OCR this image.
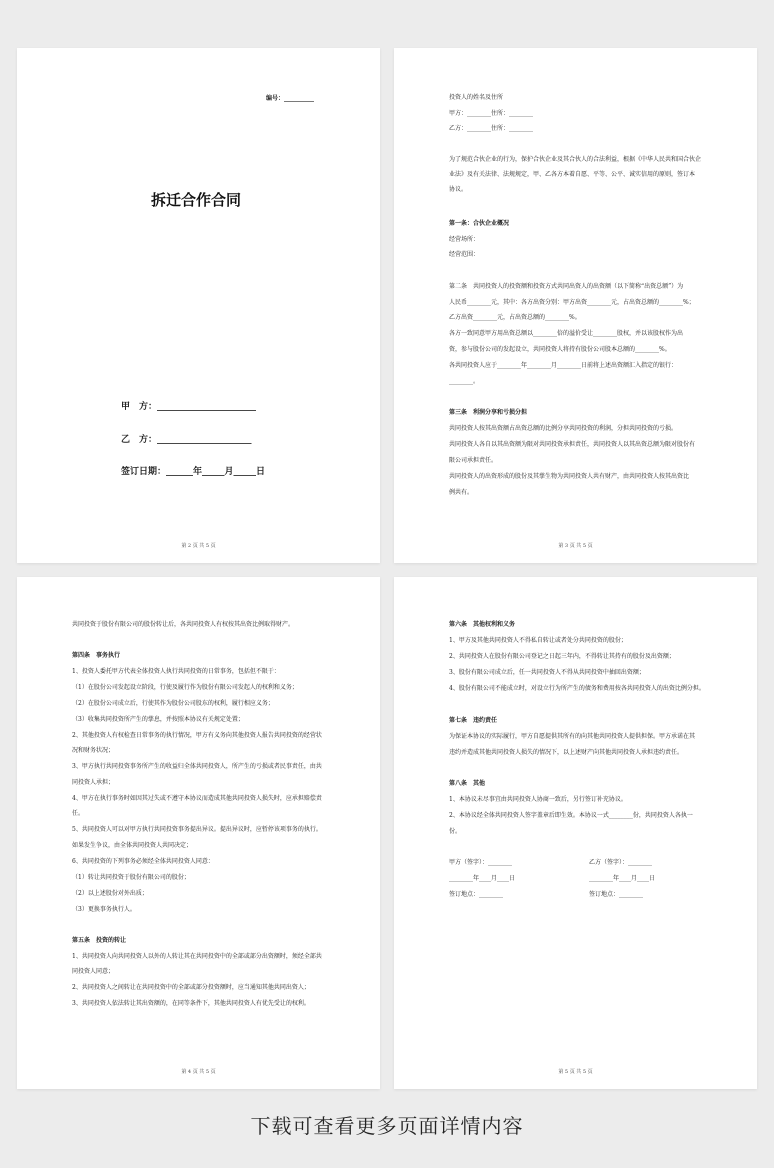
编号：__________
拆迁合作合同
甲　方：______________________
乙　方：_____________________
签订日期：______年_____月_____日
第 2 页 共 5 页
投资人的姓名及住所
甲方：________住所：________
乙方：________住所：________
为了规范合伙企业的行为，保护合伙企业及其合伙人的合法利益，根据《中华人民共和国合伙企
业法》及有关法律、法规规定，甲、乙各方本着自愿、平等、公平、诚实信用的原则，签订本
协议。
第一条：合伙企业概况
经营场所：
经营范围：
第二条　共同投资人的投资额和投资方式共同出资人的出资额（以下简称“出资总额”）为
人民币________元，其中：各方出资分别：甲方出资________元，占出资总额的________%；
乙方出资________元，占出资总额的________%。
各方一致同意甲方用出资总额以________倍的溢价受让________股权，并以该股权作为出
资，参与股份公司的发起设立，共同投资人将持有股份公司股本总额的________%。
各共同投资人应于________年________月________日前将上述出资额汇入指定的银行：
________。
第三条　利润分享和亏损分担
共同投资人按其出资额占出资总额的比例分享共同投资的利润，分担共同投资的亏损。
共同投资人各自以其出资额为限对共同投资承担责任，共同投资人以其出资总额为限对股份有
限公司承担责任。
共同投资人的出资形成的股份及其孳生物为共同投资人共有财产，由共同投资人按其出资比
例共有。
第 3 页 共 5 页
共同投资于股份有限公司的股份转让后，各共同投资人有权按其出资比例取得财产。
第四条　事务执行
1、投资人委托甲方代表全体投资人执行共同投资的日常事务，包括但不限于：
（1）在股份公司发起设立阶段，行使及履行作为股份有限公司发起人的权利和义务；
（2）在股份公司成立后，行使其作为股份公司股东的权利，履行相应义务；
（3）收集共同投资所产生的孳息，并按照本协议有关规定处置；
2、其他投资人有权检查日常事务的执行情况，甲方有义务向其他投资人报告共同投资的经营状
况和财务状况；
3、甲方执行共同投资事务所产生的收益归全体共同投资人，所产生的亏损或者民事责任，由共
同投资人承担；
4、甲方在执行事务时如因其过失或不遵守本协议而造成其他共同投资人损失时，应承担赔偿责
任。
5、共同投资人可以对甲方执行共同投资事务提出异议。提出异议时，应暂停该项事务的执行。
如果发生争议，由全体共同投资人共同决定；
6、共同投资的下列事务必须经全体共同投资人同意：
（1）转让共同投资于股份有限公司的股份；
（2）以上述股份对外出质；
（3）更换事务执行人。
第五条　投资的转让
1、共同投资人向共同投资人以外的人转让其在共同投资中的全部或部分出资额时，须经全部共
同投资人同意；
2、共同投资人之间转让在共同投资中的全部或部分投资额时，应当通知其他共同出资人；
3、共同投资人依法转让其出资额的，在同等条件下，其他共同投资人有优先受让的权利。
第 4 页 共 5 页
第六条　其他权利和义务
1、甲方及其他共同投资人不得私自转让或者处分共同投资的股份；
2、共同投资人在股份有限公司登记之日起三年内，不得转让其持有的股份及出资额；
3、股份有限公司成立后，任一共同投资人不得从共同投资中抽回出资额；
4、股份有限公司不能成立时，对设立行为所产生的债务和费用按各共同投资人的出资比例分担。
第七条　违约责任
为保证本协议的实际履行，甲方自愿提供其所有的向其他共同投资人提供担保。甲方承诺在其
违约并造成其他共同投资人损失的情况下，以上述财产向其他共同投资人承担违约责任。
第八条　其他
1、本协议未尽事宜由共同投资人协商一致后，另行签订补充协议。
2、本协议经全体共同投资人签字盖章后即生效。本协议一式________份，共同投资人各执一
份。
甲方（签字）：________
________年____月____日
签订地点：________
乙方（签字）：________
________年____月____日
签订地点：________
第 5 页 共 5 页
下载可查看更多页面详情内容
